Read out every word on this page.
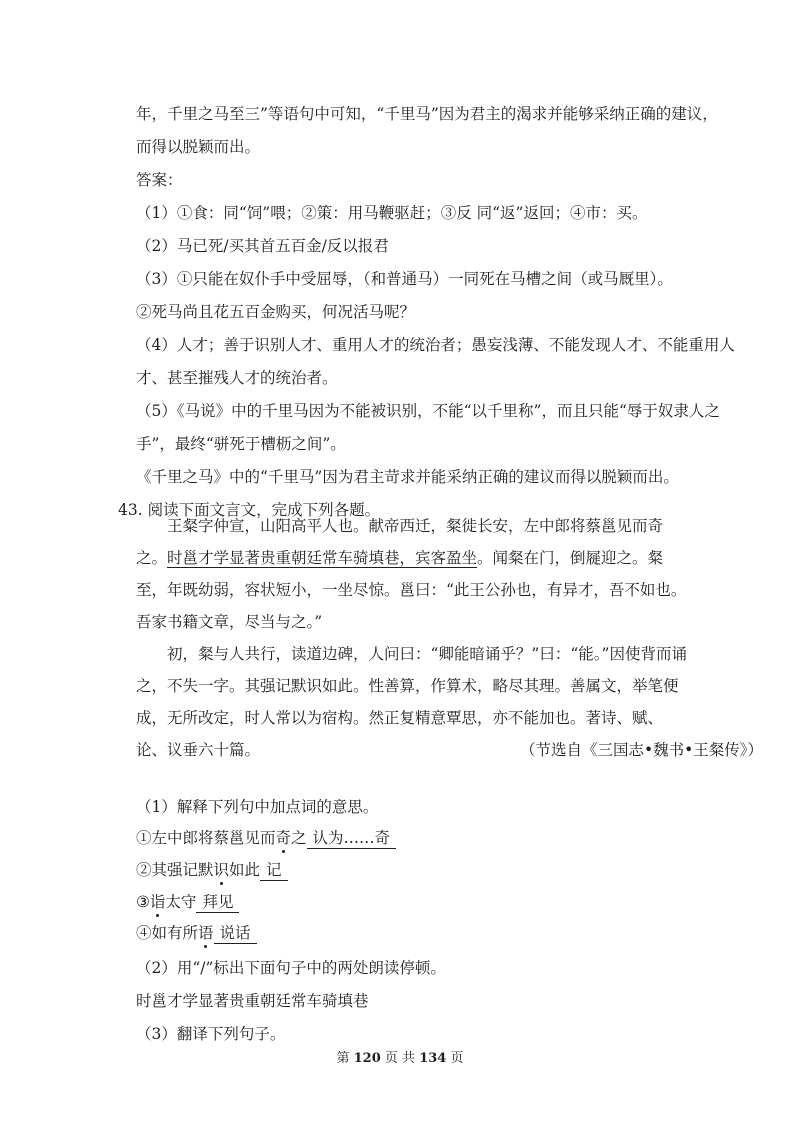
年，千里之马至三”等语句中可知，“千里马”因为君主的渴求并能够采纳正确的建议，
而得以脱颖而出。
答案：
（1）①食：同“饲”喂；②策：用马鞭驱赶；③反 同“返”返回；④市：买。
（2）马已死/买其首五百金/反以报君
（3）①只能在奴仆手中受屈辱，（和普通马）一同死在马槽之间（或马厩里）。
②死马尚且花五百金购买，何况活马呢？
（4）人才；善于识别人才、重用人才的统治者；愚妄浅薄、不能发现人才、不能重用人
才、甚至摧残人才的统治者。
（5）《马说》中的千里马因为不能被识别，不能“以千里称”，而且只能“辱于奴隶人之
手”，最终“骈死于槽枥之间”。
《千里之马》中的“千里马”因为君主苛求并能采纳正确的建议而得以脱颖而出。
43. 阅读下面文言文，完成下列各题。
王粲字仲宣，山阳高平人也。献帝西迁，粲徙长安，左中郎将蔡邕见而奇之。时邕才学显著贵重朝廷常车骑填巷，宾客盈坐。闻粲在门，倒屣迎之。粲至，年既幼弱，容状短小，一坐尽惊。邕曰：“此王公孙也，有异才，吾不如也。吾家书籍文章，尽当与之。”
初，粲与人共行，读道边碑，人问曰：“卿能暗诵乎？”曰：“能。”因使背而诵之，不失一字。其强记默识如此。性善算，作算术，略尽其理。善属文，举笔便成，无所改定，时人常以为宿构。然正复精意覃思，亦不能加也。著诗、赋、论、议垂六十篇。	（节选自《三国志•魏书•王粲传》）
（1）解释下列句中加点词的意思。
①左中郎将蔡邕见而奇之 认为……奇
②其强记默识如此 记
③诣太守 拜见
④如有所语 说话
（2）用“/”标出下面句子中的两处朗读停顿。
时邕才学显著贵重朝廷常车骑填巷
（3）翻译下列句子。
第 120 页 共 134 页
